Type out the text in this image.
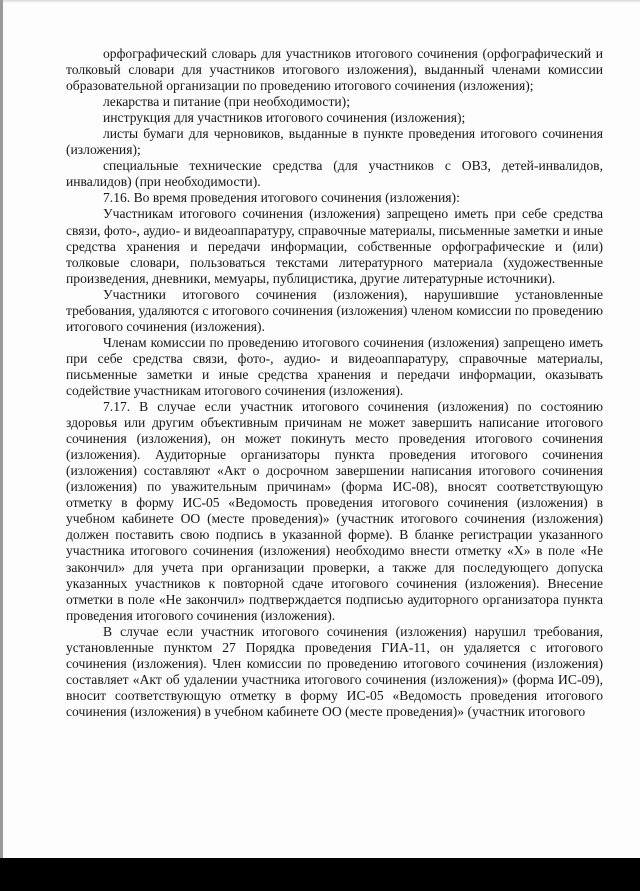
орфографический словарь для участников итогового сочинения (орфографический и толковый словари для участников итогового изложения), выданный членами комиссии образовательной организации по проведению итогового сочинения (изложения);

лекарства и питание (при необходимости);

инструкция для участников итогового сочинения (изложения);

листы бумаги для черновиков, выданные в пункте проведения итогового сочинения (изложения);

специальные технические средства (для участников с ОВЗ, детей-инвалидов, инвалидов) (при необходимости).

7.16. Во время проведения итогового сочинения (изложения):

Участникам итогового сочинения (изложения) запрещено иметь при себе средства связи, фото-, аудио- и видеоаппаратуру, справочные материалы, письменные заметки и иные средства хранения и передачи информации, собственные орфографические и (или) толковые словари, пользоваться текстами литературного материала (художественные произведения, дневники, мемуары, публицистика, другие литературные источники).

Участники итогового сочинения (изложения), нарушившие установленные требования, удаляются с итогового сочинения (изложения) членом комиссии по проведению итогового сочинения (изложения).

Членам комиссии по проведению итогового сочинения (изложения) запрещено иметь при себе средства связи, фото-, аудио- и видеоаппаратуру, справочные материалы, письменные заметки и иные средства хранения и передачи информации, оказывать содействие участникам итогового сочинения (изложения).

7.17. В случае если участник итогового сочинения (изложения) по состоянию здоровья или другим объективным причинам не может завершить написание итогового сочинения (изложения), он может покинуть место проведения итогового сочинения (изложения). Аудиторные организаторы пункта проведения итогового сочинения (изложения) составляют «Акт о досрочном завершении написания итогового сочинения (изложения) по уважительным причинам» (форма ИС-08), вносят соответствующую отметку в форму ИС-05 «Ведомость проведения итогового сочинения (изложения) в учебном кабинете ОО (месте проведения)» (участник итогового сочинения (изложения) должен поставить свою подпись в указанной форме). В бланке регистрации указанного участника итогового сочинения (изложения) необходимо внести отметку «Х» в поле «Не закончил» для учета при организации проверки, а также для последующего допуска указанных участников к повторной сдаче итогового сочинения (изложения). Внесение отметки в поле «Не закончил» подтверждается подписью аудиторного организатора пункта проведения итогового сочинения (изложения).

В случае если участник итогового сочинения (изложения) нарушил требования, установленные пунктом 27 Порядка проведения ГИА-11, он удаляется с итогового сочинения (изложения). Член комиссии по проведению итогового сочинения (изложения) составляет «Акт об удалении участника итогового сочинения (изложения)» (форма ИС-09), вносит соответствующую отметку в форму ИС-05 «Ведомость проведения итогового сочинения (изложения) в учебном кабинете ОО (месте проведения)» (участник итогового
